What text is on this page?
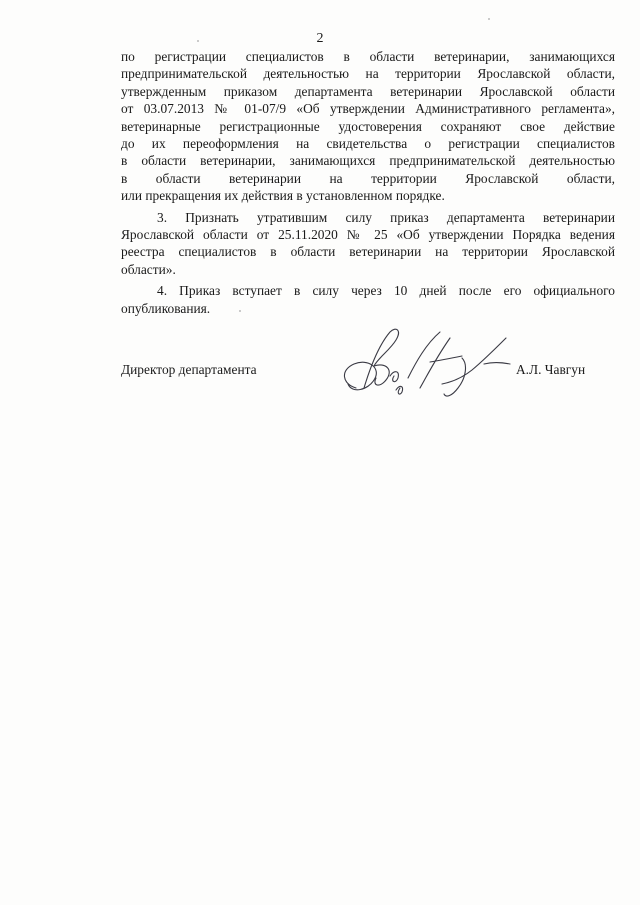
2
по регистрации специалистов в области ветеринарии, занимающихся
предпринимательской деятельностью на территории Ярославской области,
утвержденным приказом департамента ветеринарии Ярославской области
от 03.07.2013 № 01-07/9 «Об утверждении Административного регламента»,
ветеринарные регистрационные удостоверения сохраняют свое действие
до их переоформления на свидетельства о регистрации специалистов
в области ветеринарии, занимающихся предпринимательской деятельностью
в области ветеринарии на территории Ярославской области,
или прекращения их действия в установленном порядке.
3. Признать утратившим силу приказ департамента ветеринарии
Ярославской области от 25.11.2020 № 25 «Об утверждении Порядка ведения
реестра специалистов в области ветеринарии на территории Ярославской
области».
4. Приказ вступает в силу через 10 дней после его официального
опубликования.
Директор департамента	А.Л. Чавгун
